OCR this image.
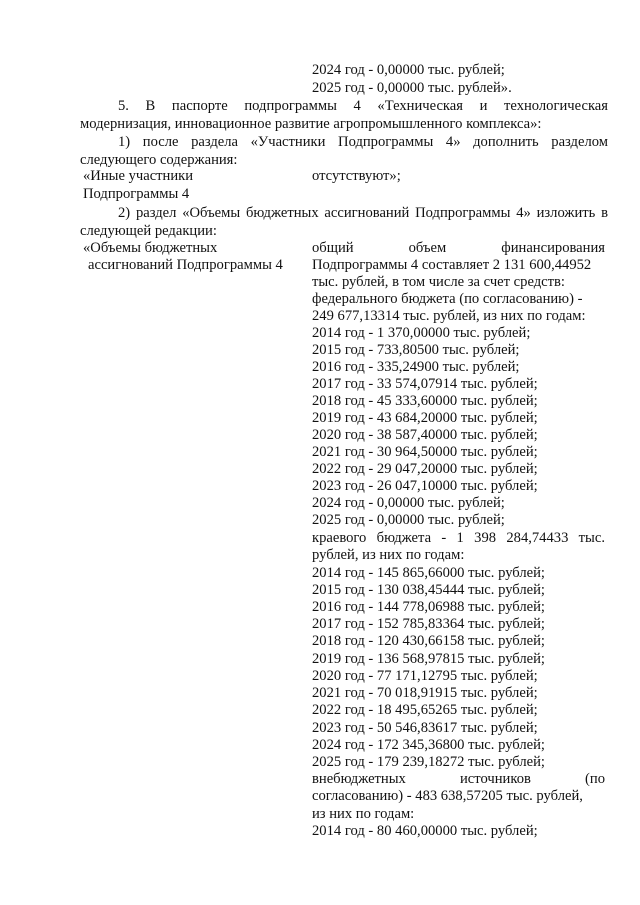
2024 год - 0,00000 тыс. рублей;
2025 год - 0,00000 тыс. рублей».
5. В паспорте подпрограммы 4 «Техническая и технологическая
модернизация, инновационное развитие агропромышленного комплекса»:
1) после раздела «Участники Подпрограммы 4» дополнить разделом
следующего содержания:
«Иные участники
Подпрограммы 4
отсутствуют»;
2) раздел «Объемы бюджетных ассигнований Подпрограммы 4» изложить в
следующей редакции:
«Объемы бюджетных
ассигнований Подпрограммы 4
общий объем финансирования
Подпрограммы 4 составляет 2 131 600,44952
тыс. рублей, в том числе за счет средств:
федерального бюджета (по согласованию) -
249 677,13314 тыс. рублей, из них по годам:
2014 год - 1 370,00000 тыс. рублей;
2015 год - 733,80500 тыс. рублей;
2016 год - 335,24900 тыс. рублей;
2017 год - 33 574,07914 тыс. рублей;
2018 год - 45 333,60000 тыс. рублей;
2019 год - 43 684,20000 тыс. рублей;
2020 год - 38 587,40000 тыс. рублей;
2021 год - 30 964,50000 тыс. рублей;
2022 год - 29 047,20000 тыс. рублей;
2023 год - 26 047,10000 тыс. рублей;
2024 год - 0,00000 тыс. рублей;
2025 год - 0,00000 тыс. рублей;
краевого бюджета - 1 398 284,74433 тыс.
рублей, из них по годам:
2014 год - 145 865,66000 тыс. рублей;
2015 год - 130 038,45444 тыс. рублей;
2016 год - 144 778,06988 тыс. рублей;
2017 год - 152 785,83364 тыс. рублей;
2018 год - 120 430,66158 тыс. рублей;
2019 год - 136 568,97815 тыс. рублей;
2020 год - 77 171,12795 тыс. рублей;
2021 год - 70 018,91915 тыс. рублей;
2022 год - 18 495,65265 тыс. рублей;
2023 год - 50 546,83617 тыс. рублей;
2024 год - 172 345,36800 тыс. рублей;
2025 год - 179 239,18272 тыс. рублей;
внебюджетных источников (по
согласованию) - 483 638,57205 тыс. рублей,
из них по годам:
2014 год - 80 460,00000 тыс. рублей;
